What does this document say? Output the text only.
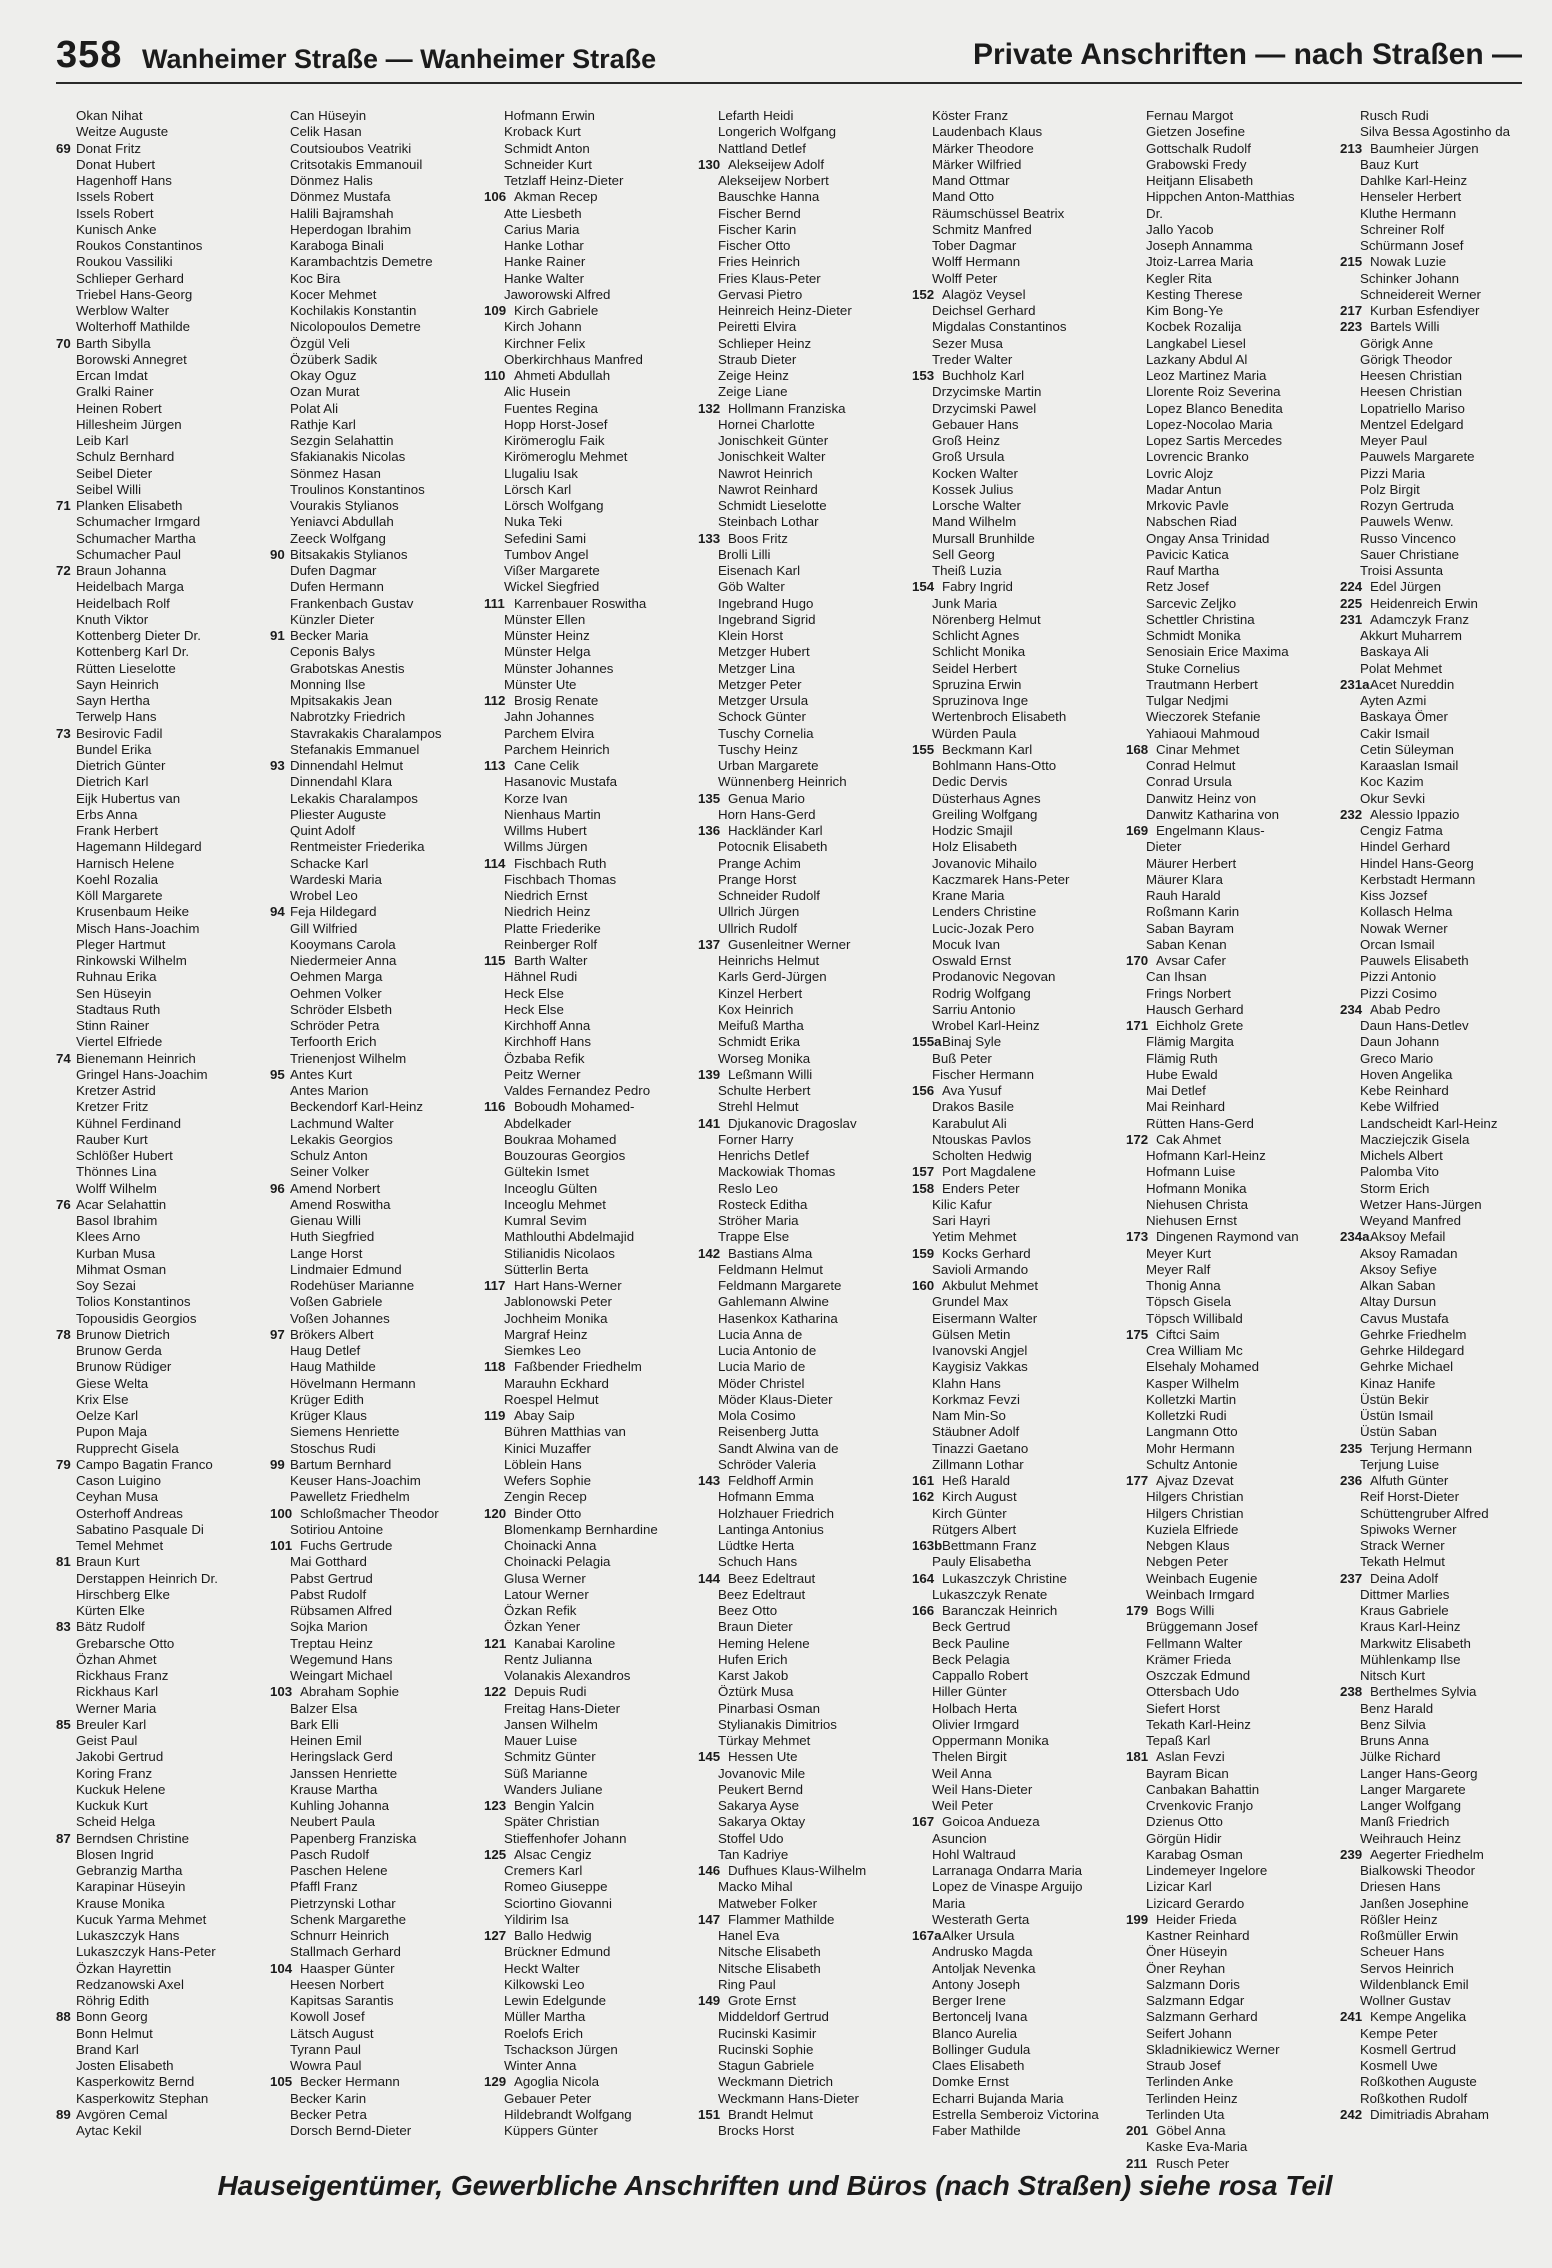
358 Wanheimer Straße — Wanheimer Straße	Private Anschriften — nach Straßen —
Okan Nihat
Weitze Auguste
69 Donat Fritz
Donat Hubert
Hagenhoff Hans
Issels Robert
Issels Robert
Kunisch Anke
Roukos Constantinos
Roukou Vassiliki
Schlieper Gerhard
Triebel Hans-Georg
Werblow Walter
Wolterhoff Mathilde
70 Barth Sibylla
Borowski Annegret
Ercan Imdat
Gralki Rainer
Heinen Robert
Hillesheim Jürgen
Leib Karl
Schulz Bernhard
Seibel Dieter
Seibel Willi
71 Planken Elisabeth
Schumacher Irmgard
Schumacher Martha
Schumacher Paul
72 Braun Johanna
Heidelbach Marga
Heidelbach Rolf
Knuth Viktor
Kottenberg Dieter Dr.
Kottenberg Karl Dr.
Rütten Lieselotte
Sayn Heinrich
Sayn Hertha
Terwelp Hans
73 Besirovic Fadil
Bundel Erika
Dietrich Günter
Dietrich Karl
Eijk Hubertus van
Erbs Anna
Frank Herbert
Hagemann Hildegard
Harnisch Helene
Koehl Rozalia
Köll Margarete
Krusenbaum Heike
Misch Hans-Joachim
Pleger Hartmut
Rinkowski Wilhelm
Ruhnau Erika
Sen Hüseyin
Stadtaus Ruth
Stinn Rainer
Viertel Elfriede
74 Bienemann Heinrich
Gringel Hans-Joachim
Kretzer Astrid
Kretzer Fritz
Kühnel Ferdinand
Rauber Kurt
Schlößer Hubert
Thönnes Lina
Wolff Wilhelm
76 Acar Selahattin
Basol Ibrahim
Klees Arno
Kurban Musa
Mihmat Osman
Soy Sezai
Tolios Konstantinos
Topousidis Georgios
78 Brunow Dietrich
Brunow Gerda
Brunow Rüdiger
Giese Welta
Krix Else
Oelze Karl
Pupon Maja
Rupprecht Gisela
79 Campo Bagatin Franco
Cason Luigino
Ceyhan Musa
Osterhoff Andreas
Sabatino Pasquale Di
Temel Mehmet
81 Braun Kurt
Derstappen Heinrich Dr.
Hirschberg Elke
Kürten Elke
83 Bätz Rudolf
Grebarsche Otto
Özhan Ahmet
Rickhaus Franz
Rickhaus Karl
Werner Maria
85 Breuler Karl
Geist Paul
Jakobi Gertrud
Koring Franz
Kuckuk Helene
Kuckuk Kurt
Scheid Helga
87 Berndsen Christine
Blosen Ingrid
Gebranzig Martha
Karapinar Hüseyin
Krause Monika
Kucuk Yarma Mehmet
Lukaszczyk Hans
Lukaszczyk Hans-Peter
Özkan Hayrettin
Redzanowski Axel
Röhrig Edith
88 Bonn Georg
Bonn Helmut
Brand Karl
Josten Elisabeth
Kasperkowitz Bernd
Kasperkowitz Stephan
89 Avgören Cemal
Aytac Kekil
Can Hüseyin
Celik Hasan
Coutsioubos Veatriki
Critsotakis Emmanouil
Dönmez Halis
Dönmez Mustafa
Halili Bajramshah
Heperdogan Ibrahim
Karaboga Binali
Karambachtzis Demetre
Koc Bira
Kocer Mehmet
Kochilakis Konstantin
Nicolopoulos Demetre
Özgül Veli
Özüberk Sadik
Okay Oguz
Ozan Murat
Polat Ali
Rathje Karl
Sezgin Selahattin
Sfakianakis Nicolas
Sönmez Hasan
Troulinos Konstantinos
Vourakis Stylianos
Yeniavci Abdullah
Zeeck Wolfgang
90 Bitsakakis Stylianos
Dufen Dagmar
Dufen Hermann
Frankenbach Gustav
Künzler Dieter
91 Becker Maria
Ceponis Balys
Grabotskas Anestis
Monning Ilse
Mpitsakakis Jean
Nabrotzky Friedrich
Stavrakakis Charalampos
Stefanakis Emmanuel
93 Dinnendahl Helmut
Dinnendahl Klara
Lekakis Charalampos
Pliester Auguste
Quint Adolf
Rentmeister Friederika
Schacke Karl
Wardeski Maria
Wrobel Leo
94 Feja Hildegard
Gill Wilfried
Kooymans Carola
Niedermeier Anna
Oehmen Marga
Oehmen Volker
Schröder Elsbeth
Schröder Petra
Terfoorth Erich
Trienenjost Wilhelm
95 Antes Kurt
Antes Marion
Beckendorf Karl-Heinz
Lachmund Walter
Lekakis Georgios
Schulz Anton
Seiner Volker
96 Amend Norbert
Amend Roswitha
Gienau Willi
Huth Siegfried
Lange Horst
Lindmaier Edmund
Rodehüser Marianne
Voßen Gabriele
Voßen Johannes
97 Brökers Albert
Haug Detlef
Haug Mathilde
Hövelmann Hermann
Krüger Edith
Krüger Klaus
Siemens Henriette
Stoschus Rudi
99 Bartum Bernhard
Keuser Hans-Joachim
Pawelletz Friedhelm
100 Schloßmacher Theodor
Sotiriou Antoine
101 Fuchs Gertrude
Mai Gotthard
Pabst Gertrud
Pabst Rudolf
Rübsamen Alfred
Sojka Marion
Treptau Heinz
Wegemund Hans
Weingart Michael
103 Abraham Sophie
Balzer Elsa
Bark Elli
Heinen Emil
Heringslack Gerd
Janssen Henriette
Krause Martha
Kuhling Johanna
Neubert Paula
Papenberg Franziska
Pasch Rudolf
Paschen Helene
Pfaffl Franz
Pietrzynski Lothar
Schenk Margarethe
Schnurr Heinrich
Stallmach Gerhard
104 Haasper Günter
Heesen Norbert
Kapitsas Sarantis
Kowoll Josef
Lätsch August
Tyrann Paul
Wowra Paul
105 Becker Hermann
Becker Karin
Becker Petra
Dorsch Bernd-Dieter
Hofmann Erwin
Kroback Kurt
Schmidt Anton
Schneider Kurt
Tetzlaff Heinz-Dieter
106 Akman Recep
Atte Liesbeth
Carius Maria
Hanke Lothar
Hanke Rainer
Hanke Walter
Jaworowski Alfred
109 Kirch Gabriele
Kirch Johann
Kirchner Felix
Oberkirchhaus Manfred
110 Ahmeti Abdullah
Alic Husein
Fuentes Regina
Hopp Horst-Josef
Kirömeroglu Faik
Kirömeroglu Mehmet
Llugaliu Isak
Lörsch Karl
Lörsch Wolfgang
Nuka Teki
Sefedini Sami
Tumbov Angel
Vißer Margarete
Wickel Siegfried
111 Karrenbauer Roswitha
Münster Ellen
Münster Heinz
Münster Helga
Münster Johannes
Münster Ute
112 Brosig Renate
Jahn Johannes
Parchem Elvira
Parchem Heinrich
113 Cane Celik
Hasanovic Mustafa
Korze Ivan
Nienhaus Martin
Willms Hubert
Willms Jürgen
114 Fischbach Ruth
Fischbach Thomas
Niedrich Ernst
Niedrich Heinz
Platte Friederike
Reinberger Rolf
115 Barth Walter
Hähnel Rudi
Heck Else
Heck Else
Kirchhoff Anna
Kirchhoff Hans
Özbaba Refik
Peitz Werner
Valdes Fernandez Pedro
116 Boboudh Mohamed-
Abdelkader
Boukraa Mohamed
Bouzouras Georgios
Gültekin Ismet
Inceoglu Gülten
Inceoglu Mehmet
Kumral Sevim
Mathlouthi Abdelmajid
Stilianidis Nicolaos
Sütterlin Berta
117 Hart Hans-Werner
Jablonowski Peter
Jochheim Monika
Margraf Heinz
Siemkes Leo
118 Faßbender Friedhelm
Marauhn Eckhard
Roespel Helmut
119 Abay Saip
Bühren Matthias van
Kinici Muzaffer
Löblein Hans
Wefers Sophie
Zengin Recep
120 Binder Otto
Blomenkamp Bernhardine
Choinacki Anna
Choinacki Pelagia
Glusa Werner
Latour Werner
Özkan Refik
Özkan Yener
121 Kanabai Karoline
Rentz Julianna
Volanakis Alexandros
122 Depuis Rudi
Freitag Hans-Dieter
Jansen Wilhelm
Mauer Luise
Schmitz Günter
Süß Marianne
Wanders Juliane
123 Bengin Yalcin
Später Christian
Stieffenhofer Johann
125 Alsac Cengiz
Cremers Karl
Romeo Giuseppe
Sciortino Giovanni
Yildirim Isa
127 Ballo Hedwig
Brückner Edmund
Heckt Walter
Kilkowski Leo
Lewin Edelgunde
Müller Martha
Roelofs Erich
Tschackson Jürgen
Winter Anna
129 Agoglia Nicola
Gebauer Peter
Hildebrandt Wolfgang
Küppers Günter
Lefarth Heidi
Longerich Wolfgang
Nattland Detlef
130 Alekseijew Adolf
Alekseijew Norbert
Bauschke Hanna
Fischer Bernd
Fischer Karin
Fischer Otto
Fries Heinrich
Fries Klaus-Peter
Gervasi Pietro
Heinreich Heinz-Dieter
Peiretti Elvira
Schlieper Heinz
Straub Dieter
Zeige Heinz
Zeige Liane
132 Hollmann Franziska
Hornei Charlotte
Jonischkeit Günter
Jonischkeit Walter
Nawrot Heinrich
Nawrot Reinhard
Schmidt Lieselotte
Steinbach Lothar
133 Boos Fritz
Brolli Lilli
Eisenach Karl
Göb Walter
Ingebrand Hugo
Ingebrand Sigrid
Klein Horst
Metzger Hubert
Metzger Lina
Metzger Peter
Metzger Ursula
Schock Günter
Tuschy Cornelia
Tuschy Heinz
Urban Margarete
Wünnenberg Heinrich
135 Genua Mario
Horn Hans-Gerd
136 Hackländer Karl
Potocnik Elisabeth
Prange Achim
Prange Horst
Schneider Rudolf
Ullrich Jürgen
Ullrich Rudolf
137 Gusenleitner Werner
Heinrichs Helmut
Karls Gerd-Jürgen
Kinzel Herbert
Kox Heinrich
Meifuß Martha
Schmidt Erika
Worseg Monika
139 Leßmann Willi
Schulte Herbert
Strehl Helmut
141 Djukanovic Dragoslav
Forner Harry
Henrichs Detlef
Mackowiak Thomas
Reslo Leo
Rosteck Editha
Ströher Maria
Trappe Else
142 Bastians Alma
Feldmann Helmut
Feldmann Margarete
Gahlemann Alwine
Hasenkox Katharina
Lucia Anna de
Lucia Antonio de
Lucia Mario de
Möder Christel
Möder Klaus-Dieter
Mola Cosimo
Reisenberg Jutta
Sandt Alwina van de
Schröder Valeria
143 Feldhoff Armin
Hofmann Emma
Holzhauer Friedrich
Lantinga Antonius
Lüdtke Herta
Schuch Hans
144 Beez Edeltraut
Beez Edeltraut
Beez Otto
Braun Dieter
Heming Helene
Hufen Erich
Karst Jakob
Öztürk Musa
Pinarbasi Osman
Stylianakis Dimitrios
Türkay Mehmet
145 Hessen Ute
Jovanovic Mile
Peukert Bernd
Sakarya Ayse
Sakarya Oktay
Stoffel Udo
Tan Kadriye
146 Dufhues Klaus-Wilhelm
Macko Mihal
Matweber Folker
147 Flammer Mathilde
Hanel Eva
Nitsche Elisabeth
Nitsche Elisabeth
Ring Paul
149 Grote Ernst
Middeldorf Gertrud
Rucinski Kasimir
Rucinski Sophie
Stagun Gabriele
Weckmann Dietrich
Weckmann Hans-Dieter
151 Brandt Helmut
Brocks Horst
Köster Franz
Laudenbach Klaus
Märker Theodore
Märker Wilfried
Mand Ottmar
Mand Otto
Räumschüssel Beatrix
Schmitz Manfred
Tober Dagmar
Wolff Hermann
Wolff Peter
152 Alagöz Veysel
Deichsel Gerhard
Migdalas Constantinos
Sezer Musa
Treder Walter
153 Buchholz Karl
Drzycimske Martin
Drzycimski Pawel
Gebauer Hans
Groß Heinz
Groß Ursula
Kocken Walter
Kossek Julius
Lorsche Walter
Mand Wilhelm
Mursall Brunhilde
Sell Georg
Theiß Luzia
154 Fabry Ingrid
Junk Maria
Nörenberg Helmut
Schlicht Agnes
Schlicht Monika
Seidel Herbert
Spruzina Erwin
Spruzinova Inge
Wertenbroch Elisabeth
Würden Paula
155 Beckmann Karl
Bohlmann Hans-Otto
Dedic Dervis
Düsterhaus Agnes
Greiling Wolfgang
Hodzic Smajil
Holz Elisabeth
Jovanovic Mihailo
Kaczmarek Hans-Peter
Krane Maria
Lenders Christine
Lucic-Jozak Pero
Mocuk Ivan
Oswald Ernst
Prodanovic Negovan
Rodrig Wolfgang
Sarriu Antonio
Wrobel Karl-Heinz
155aBinaj Syle
Buß Peter
Fischer Hermann
156 Ava Yusuf
Drakos Basile
Karabulut Ali
Ntouskas Pavlos
Scholten Hedwig
157 Port Magdalene
158 Enders Peter
Kilic Kafur
Sari Hayri
Yetim Mehmet
159 Kocks Gerhard
Savioli Armando
160 Akbulut Mehmet
Grundel Max
Eisermann Walter
Gülsen Metin
Ivanovski Angjel
Kaygisiz Vakkas
Klahn Hans
Korkmaz Fevzi
Nam Min-So
Stäubner Adolf
Tinazzi Gaetano
Zillmann Lothar
161 Heß Harald
162 Kirch August
Kirch Günter
Rütgers Albert
163bBettmann Franz
Pauly Elisabetha
164 Lukaszczyk Christine
Lukaszczyk Renate
166 Baranczak Heinrich
Beck Gertrud
Beck Pauline
Beck Pelagia
Cappallo Robert
Hiller Günter
Holbach Herta
Olivier Irmgard
Oppermann Monika
Thelen Birgit
Weil Anna
Weil Hans-Dieter
Weil Peter
167 Goicoa Andueza
Asuncion
Hohl Waltraud
Larranaga Ondarra Maria
Lopez de Vinaspe Arguijo
Maria
Westerath Gerta
167aAlker Ursula
Andrusko Magda
Antoljak Nevenka
Antony Joseph
Berger Irene
Bertoncelj Ivana
Blanco Aurelia
Bollinger Gudula
Claes Elisabeth
Domke Ernst
Echarri Bujanda Maria
Estrella Semberoiz Victorina
Faber Mathilde
Fernau Margot
Gietzen Josefine
Gottschalk Rudolf
Grabowski Fredy
Heitjann Elisabeth
Hippchen Anton-Matthias
Dr.
Jallo Yacob
Joseph Annamma
Jtoiz-Larrea Maria
Kegler Rita
Kesting Therese
Kim Bong-Ye
Kocbek Rozalija
Langkabel Liesel
Lazkany Abdul Al
Leoz Martinez Maria
Llorente Roiz Severina
Lopez Blanco Benedita
Lopez-Nocolao Maria
Lopez Sartis Mercedes
Lovrencic Branko
Lovric Alojz
Madar Antun
Mrkovic Pavle
Nabschen Riad
Ongay Ansa Trinidad
Pavicic Katica
Rauf Martha
Retz Josef
Sarcevic Zeljko
Schettler Christina
Schmidt Monika
Senosiain Erice Maxima
Stuke Cornelius
Trautmann Herbert
Tulgar Nedjmi
Wieczorek Stefanie
Yahiaoui Mahmoud
168 Cinar Mehmet
Conrad Helmut
Conrad Ursula
Danwitz Heinz von
Danwitz Katharina von
169 Engelmann Klaus-
Dieter
Mäurer Herbert
Mäurer Klara
Rauh Harald
Roßmann Karin
Saban Bayram
Saban Kenan
170 Avsar Cafer
Can Ihsan
Frings Norbert
Hausch Gerhard
171 Eichholz Grete
Flämig Margita
Flämig Ruth
Hube Ewald
Mai Detlef
Mai Reinhard
Rütten Hans-Gerd
172 Cak Ahmet
Hofmann Karl-Heinz
Hofmann Luise
Hofmann Monika
Niehusen Christa
Niehusen Ernst
173 Dingenen Raymond van
Meyer Kurt
Meyer Ralf
Thonig Anna
Töpsch Gisela
Töpsch Willibald
175 Ciftci Saim
Crea William Mc
Elsehaly Mohamed
Kasper Wilhelm
Kolletzki Martin
Kolletzki Rudi
Langmann Otto
Mohr Hermann
Schultz Antonie
177 Ajvaz Dzevat
Hilgers Christian
Hilgers Christian
Kuziela Elfriede
Nebgen Klaus
Nebgen Peter
Weinbach Eugenie
Weinbach Irmgard
179 Bogs Willi
Brüggemann Josef
Fellmann Walter
Krämer Frieda
Oszczak Edmund
Ottersbach Udo
Siefert Horst
Tekath Karl-Heinz
Tepaß Karl
181 Aslan Fevzi
Bayram Bican
Canbakan Bahattin
Crvenkovic Franjo
Dzienus Otto
Görgün Hidir
Karabag Osman
Lindemeyer Ingelore
Lizicar Karl
Lizicard Gerardo
199 Heider Frieda
Kastner Reinhard
Öner Hüseyin
Öner Reyhan
Salzmann Doris
Salzmann Edgar
Salzmann Gerhard
Seifert Johann
Skladnikiewicz Werner
Straub Josef
Terlinden Anke
Terlinden Heinz
Terlinden Uta
201 Göbel Anna
Kaske Eva-Maria
211 Rusch Peter
Rusch Rudi
Silva Bessa Agostinho da
213 Baumheier Jürgen
Bauz Kurt
Dahlke Karl-Heinz
Henseler Herbert
Kluthe Hermann
Schreiner Rolf
Schürmann Josef
215 Nowak Luzie
Schinker Johann
Schneidereit Werner
217 Kurban Esfendiyer
223 Bartels Willi
Görigk Anne
Görigk Theodor
Heesen Christian
Heesen Christian
Lopatriello Mariso
Mentzel Edelgard
Meyer Paul
Pauwels Margarete
Pizzi Maria
Polz Birgit
Rozyn Gertruda
Pauwels Wenw.
Russo Vincenco
Sauer Christiane
Troisi Assunta
224 Edel Jürgen
225 Heidenreich Erwin
231 Adamczyk Franz
Akkurt Muharrem
Baskaya Ali
Polat Mehmet
231aAcet Nureddin
Ayten Azmi
Baskaya Ömer
Cakir Ismail
Cetin Süleyman
Karaaslan Ismail
Koc Kazim
Okur Sevki
232 Alessio Ippazio
Cengiz Fatma
Hindel Gerhard
Hindel Hans-Georg
Kerbstadt Hermann
Kiss Jozsef
Kollasch Helma
Nowak Werner
Orcan Ismail
Pauwels Elisabeth
Pizzi Antonio
Pizzi Cosimo
234 Abab Pedro
Daun Hans-Detlev
Daun Johann
Greco Mario
Hoven Angelika
Kebe Reinhard
Kebe Wilfried
Landscheidt Karl-Heinz
Macziejczik Gisela
Michels Albert
Palomba Vito
Storm Erich
Wetzer Hans-Jürgen
Weyand Manfred
234aAksoy Mefail
Aksoy Ramadan
Aksoy Sefiye
Alkan Saban
Altay Dursun
Cavus Mustafa
Gehrke Friedhelm
Gehrke Hildegard
Gehrke Michael
Kinaz Hanife
Üstün Bekir
Üstün Ismail
Üstün Saban
235 Terjung Hermann
Terjung Luise
236 Alfuth Günter
Reif Horst-Dieter
Schüttengruber Alfred
Spiwoks Werner
Strack Werner
Tekath Helmut
237 Deina Adolf
Dittmer Marlies
Kraus Gabriele
Kraus Karl-Heinz
Markwitz Elisabeth
Mühlenkamp Ilse
Nitsch Kurt
238 Berthelmes Sylvia
Benz Harald
Benz Silvia
Bruns Anna
Jülke Richard
Langer Hans-Georg
Langer Margarete
Langer Wolfgang
Manß Friedrich
Weihrauch Heinz
239 Aegerter Friedhelm
Bialkowski Theodor
Driesen Hans
Janßen Josephine
Rößler Heinz
Roßmüller Erwin
Scheuer Hans
Servos Heinrich
Wildenblanck Emil
Wollner Gustav
241 Kempe Angelika
Kempe Peter
Kosmell Gertrud
Kosmell Uwe
Roßkothen Auguste
Roßkothen Rudolf
242 Dimitriadis Abraham
Hauseigentümer, Gewerbliche Anschriften und Büros (nach Straßen) siehe rosa Teil
